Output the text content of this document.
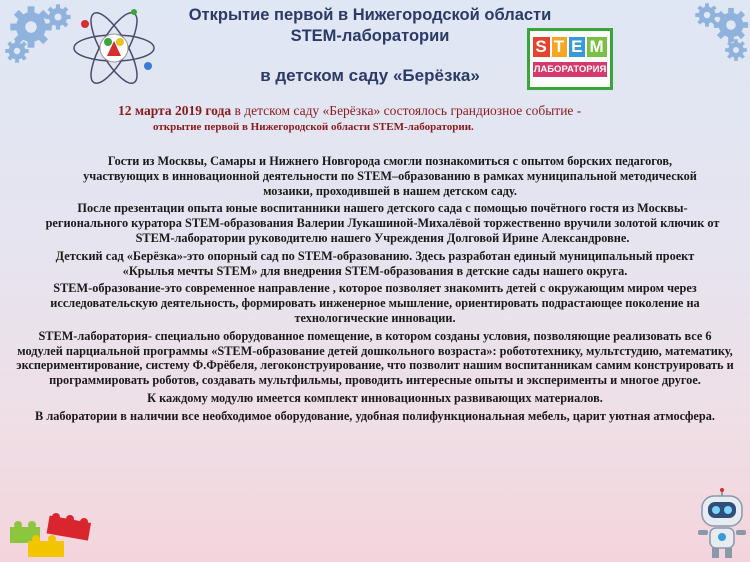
Открытие первой в Нижегородской области
STEM-лаборатории
в детском саду «Берёзка»
S T E M
ЛАБОРАТОРИЯ
12 марта 2019 года в детском саду «Берёзка» состоялось грандиозное событие -
открытие первой в Нижегородской области STEM-лаборатории.

Гости из Москвы, Самары и Нижнего Новгорода смогли познакомиться с опытом борских педагогов, участвующих в инновационной деятельности по STEM–образованию в рамках муниципальной методической мозаики, проходившей в нашем детском саду.

После презентации опыта юные воспитанники нашего детского сада с помощью почётного гостя из Москвы- регионального куратора STEM-образования Валерии Лукашиной-Михалёвой торжественно вручили золотой ключик от STEM-лаборатории руководителю нашего Учреждения Долговой Ирине Александровне.

Детский сад «Берёзка»-это опорный сад по STEM-образованию. Здесь разработан единый муниципальный проект «Крылья мечты STEM» для внедрения STEM-образования в детские сады нашего округа.

STEM-образование-это современное направление , которое позволяет знакомить детей с окружающим миром через исследовательскую деятельность, формировать инженерное мышление, ориентировать подрастающее поколение на технологические инновации.

STEM-лаборатория- специально оборудованное помещение, в котором созданы условия, позволяющие реализовать все 6 модулей парциальной программы «STEM-образование детей дошкольного возраста»: робототехнику, мультстудию, математику, экспериментирование, систему Ф.Фрёбеля, легоконструирование, что позволит нашим воспитанникам самим конструировать и программировать роботов, создавать мультфильмы, проводить интересные опыты и эксперименты и многое другое.

К каждому модулю имеется комплект инновационных развивающих материалов.

В лаборатории в наличии все необходимое оборудование, удобная полифункциональная мебель, царит уютная атмосфера.
